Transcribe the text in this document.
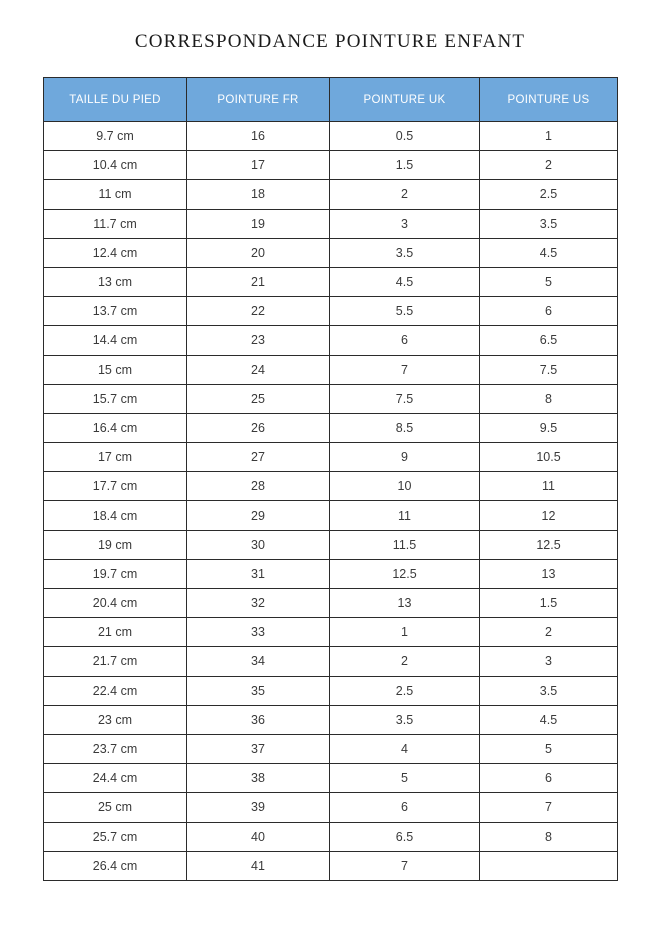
CORRESPONDANCE POINTURE ENFANT
TAILLE DU PIED	POINTURE FR	POINTURE UK	POINTURE US
9.7 cm	16	0.5	1
10.4 cm	17	1.5	2
11 cm	18	2	2.5
11.7 cm	19	3	3.5
12.4 cm	20	3.5	4.5
13 cm	21	4.5	5
13.7 cm	22	5.5	6
14.4 cm	23	6	6.5
15 cm	24	7	7.5
15.7 cm	25	7.5	8
16.4 cm	26	8.5	9.5
17 cm	27	9	10.5
17.7 cm	28	10	11
18.4 cm	29	11	12
19 cm	30	11.5	12.5
19.7 cm	31	12.5	13
20.4 cm	32	13	1.5
21 cm	33	1	2
21.7 cm	34	2	3
22.4 cm	35	2.5	3.5
23 cm	36	3.5	4.5
23.7 cm	37	4	5
24.4 cm	38	5	6
25 cm	39	6	7
25.7 cm	40	6.5	8
26.4 cm	41	7	
